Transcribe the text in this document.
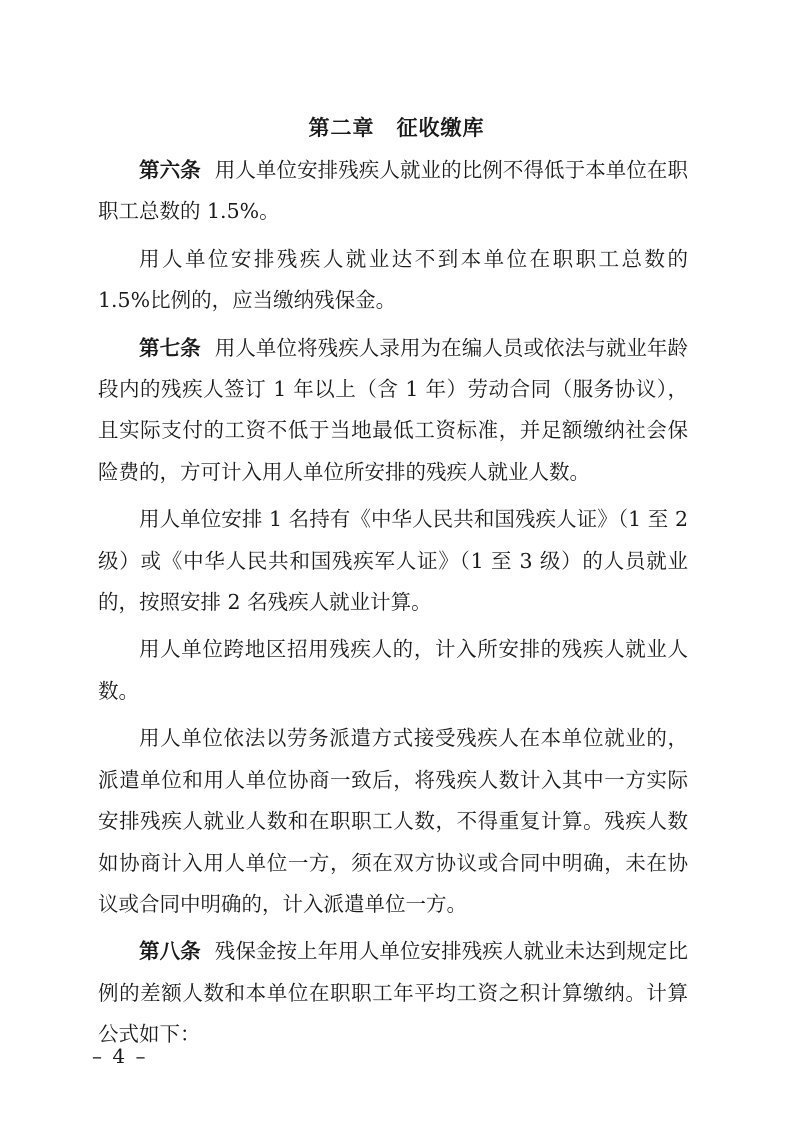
第二章　征收缴库

第六条 用人单位安排残疾人就业的比例不得低于本单位在职职工总数的 1.5%。

用人单位安排残疾人就业达不到本单位在职职工总数的 1.5%比例的，应当缴纳残保金。

第七条 用人单位将残疾人录用为在编人员或依法与就业年龄段内的残疾人签订 1 年以上（含 1 年）劳动合同（服务协议），且实际支付的工资不低于当地最低工资标准，并足额缴纳社会保险费的，方可计入用人单位所安排的残疾人就业人数。

用人单位安排 1 名持有《中华人民共和国残疾人证》（1 至 2 级）或《中华人民共和国残疾军人证》（1 至 3 级）的人员就业的，按照安排 2 名残疾人就业计算。

用人单位跨地区招用残疾人的，计入所安排的残疾人就业人数。

用人单位依法以劳务派遣方式接受残疾人在本单位就业的，派遣单位和用人单位协商一致后，将残疾人数计入其中一方实际安排残疾人就业人数和在职职工人数，不得重复计算。残疾人数如协商计入用人单位一方，须在双方协议或合同中明确，未在协议或合同中明确的，计入派遣单位一方。

第八条 残保金按上年用人单位安排残疾人就业未达到规定比例的差额人数和本单位在职职工年平均工资之积计算缴纳。计算公式如下：

– 4 –
